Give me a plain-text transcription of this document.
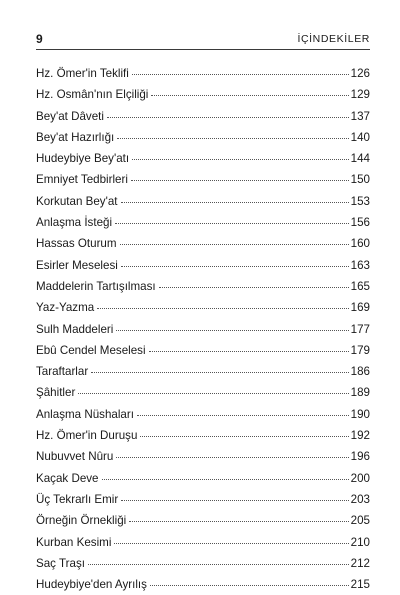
9	İÇİNDEKİLER
Hz. Ömer'in Teklifi	126
Hz. Osmân'nın Elçiliği	129
Bey'at Dâveti	137
Bey'at Hazırlığı	140
Hudeybiye Bey'atı	144
Emniyet Tedbirleri	150
Korkutan Bey'at	153
Anlaşma İsteği	156
Hassas Oturum	160
Esirler Meselesi	163
Maddelerin Tartışılması	165
Yaz-Yazma	169
Sulh Maddeleri	177
Ebû Cendel Meselesi	179
Taraftarlar	186
Şâhitler	189
Anlaşma Nüshaları	190
Hz. Ömer'in Duruşu	192
Nubuvvet Nûru	196
Kaçak Deve	200
Üç Tekrarlı Emir	203
Örneğin Örnekliği	205
Kurban Kesimi	210
Saç Traşı	212
Hudeybiye'den Ayrılış	215
